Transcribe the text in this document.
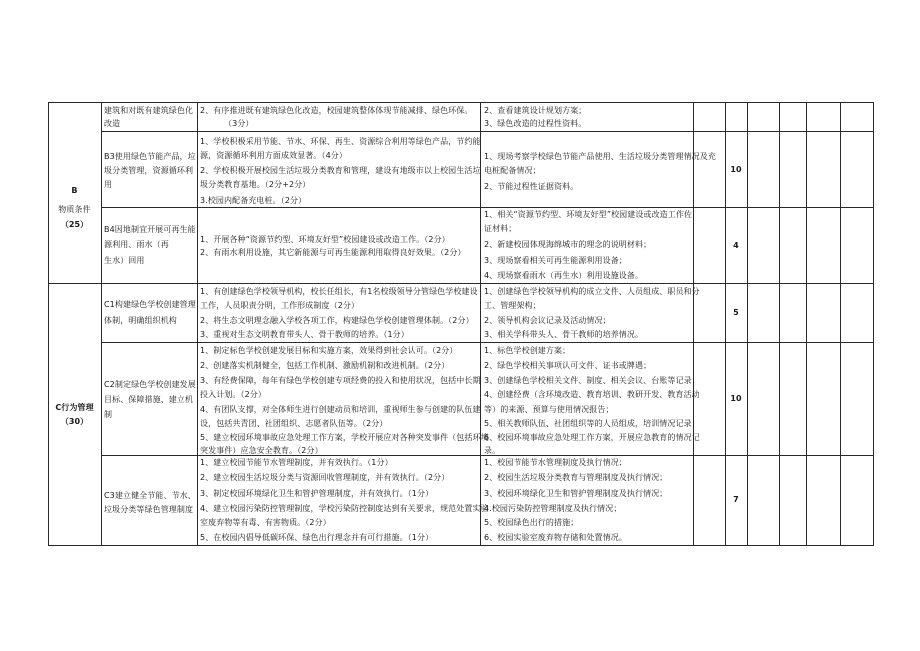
建筑和对既有建筑绿色化
改造
2、有序推进既有建筑绿色化改造，校园建筑整体体现节能减排、绿色环保。
（3分）
2、查看建筑设计规划方案；
3、绿色改造的过程性资料。
B
物质条件
（25）
B3使用绿色节能产品，垃
圾分类管理，资源循环利
用
1、学校积极采用节能、节水、环保、再生、资源综合利用等绿色产品，节约能
源，资源循环利用方面成效显著。（4分）
2、学校积极开展校园生活垃圾分类教育和管理，建设有地级市以上校园生活垃
圾分类教育基地。（2分+2分）
3.校园内配备充电桩。（2分）
1、现场考察学校绿色节能产品使用、生活垃圾分类管理情况及充
电桩配备情况；
2、节能过程性证据资料。
10
B4因地制宜开展可再生能
源利用、雨水（再
生水）回用
1、开展各种“资源节约型、环境友好型”校园建设或改造工作。（2分）
2、有雨水利用设施，其它新能源与可再生能源利用取得良好效果。（2分）
1、相关“资源节约型、环境友好型”校园建设或改造工作佐
证材料；
2、新建校园体现海绵城市的理念的说明材料；
3、现场察看相关可再生能源利用设备；
4、现场察看雨水（再生水）利用设施设备。
4
C行为管理
（30）
C1构建绿色学校创建管理
体制，明确组织机构
1、有创建绿色学校领导机构，校长任组长，有1名校级领导分管绿色学校建设
工作，人员职责分明，工作形成制度（2分）
2、将生态文明理念融入学校各项工作，构建绿色学校创建管理体制。（2分）
3、重视对生态文明教育带头人、骨干教师的培养。（1分）
1、创建绿色学校领导机构的成立文件、人员组成、职员和分
工、管理架构；
2、领导机构会议记录及活动情况；
3、相关学科带头人、骨干教师的培养情况。
5
C2制定绿色学校创建发展
目标、保障措施、建立机
制
1、制定标色学校创建发展目标和实施方案，效果得到社会认可。（2分）
2、创建落实机制健全，包括工作机制、激励机制和改进机制。（2分）
3、有经费保障，每年有绿色学校创建专项经费的投入和使用状况，包括中长期
投入计划。（2分）
4、有团队支撑，对全体师生进行创建动员和培训，重视师生参与创建的队伍建
设，包括共青团、社团组织、志愿者队伍等。（2分）
5、建立校园环境事故应急处理工作方案，学校开展应对各种突发事件（包括环境
突发事件）应急安全教育。（2分）
1、标色学校创建方案；
2、绿色学校相关事项认可文件、证书或牌遇；
3、创建绿色学校相关文件、制度、相关会议、台账等记录；
4、创建经费（含环境改造、教育培训、教研开发、教育活动
等）的来源、预算与使用情况报告；
5、相关教师队伍、社团组织等的人员组成，培训情况记录；
6、校园环境事故应急处理工作方案，开展应急教育的情况记
录。
10
C3建立健全节能、节水、
垃圾分类等绿色管理制度
1、建立校园节能节水管理制度，并有效执行。（1分）
2、建立校园生活垃圾分类与资源回收管理制度，并有效执行。（2分）
3、制定校园环境绿化卫生和管护管理制度，并有效执行。（1分）
4、建立校园污染防控管理制度，学校污染防控制度达到有关要求，规范处置实验
室废弃物等有毒、有害物质。（2分）
5、在校园内倡导低碳环保、绿色出行理念并有可行措施。（1分）
1、校园节能节水管理制度及执行情况；
2、校园生活垃圾分类教育与管理制度及执行情况；
3、校园环境绿化卫生和管护管理制度及执行情况；
4.校园污染防控管理制度及执行情况；
5、校园绿色出行的措施；
6、校园实验室废弃物存储和处置情况。
7
